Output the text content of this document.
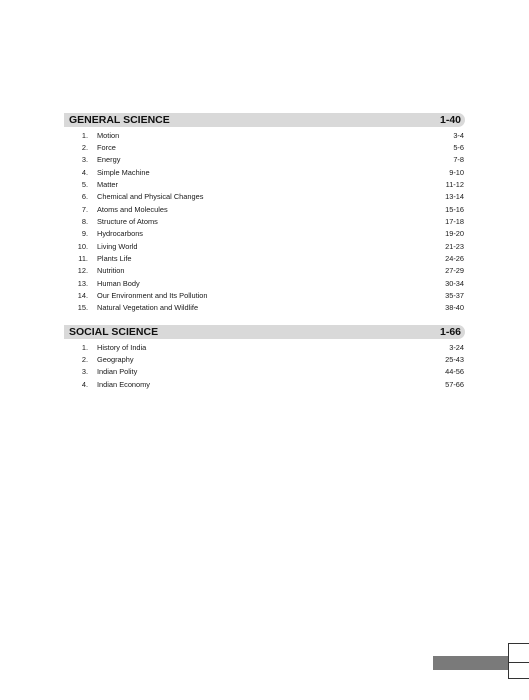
GENERAL SCIENCE	1-40
1. Motion	3-4
2. Force	5-6
3. Energy	7-8
4. Simple Machine	9-10
5. Matter	11-12
6. Chemical and Physical Changes	13-14
7. Atoms and Molecules	15-16
8. Structure of Atoms	17-18
9. Hydrocarbons	19-20
10. Living World	21-23
11. Plants Life	24-26
12. Nutrition	27-29
13. Human Body	30-34
14. Our Environment and Its Pollution	35-37
15. Natural Vegetation and Wildlife	38-40
SOCIAL SCIENCE	1-66
1. History of India	3-24
2. Geography	25-43
3. Indian Polity	44-56
4. Indian Economy	57-66
